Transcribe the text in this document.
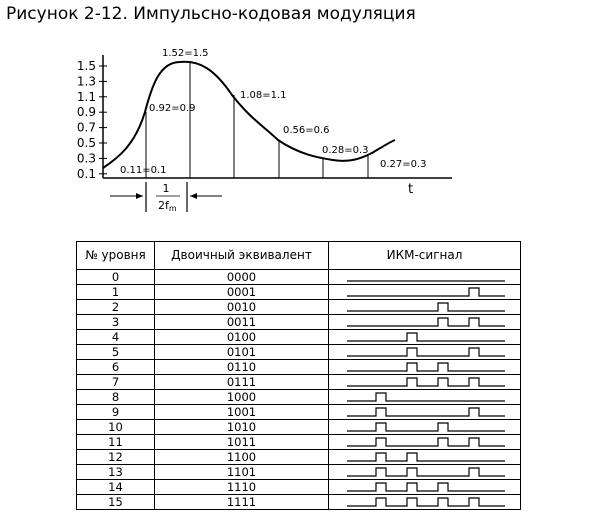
Рисунок 2-12. Импульсно-кодовая модуляция
1.5
1.3
1.1
0.9
0.7
0.5
0.3
0.1 0.11=0.1
0.92=0.9
1.52=1.5
1.08=1.1
0.56=0.6
0.28=0.3
0.27=0.3
t
1
2fm
№ уровня	Двоичный эквивалент	ИКМ-сигнал
0	0000	

1	0001	

2	0010	

3	0011	

4	0100	

5	0101	

6	0110	

7	0111	

8	1000	

9	1001	

10	1010	

11	1011	

12	1100	

13	1101	

14	1110	

15	1111	
